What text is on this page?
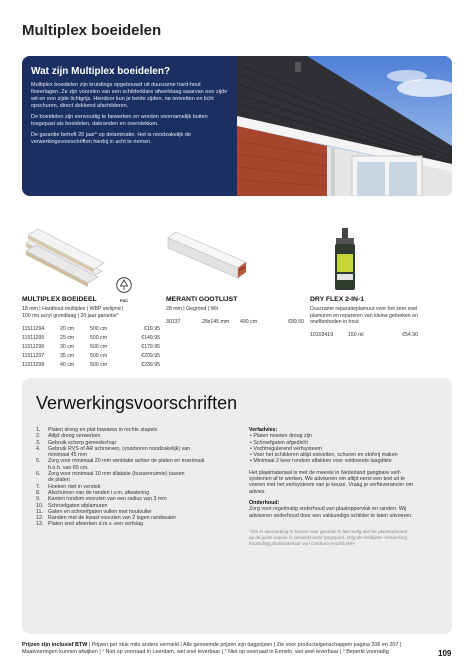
Multiplex boeidelen
Wat zijn Multiplex boeidelen?
Multiplex boeidelen zijn kruislings opgebouwd uit duurzame hard-hout fineerlagen. Ze zijn voorzien van een schilderklare afwerklaag waarvan een zijde wit en een zijde lichtgrijs. Hierdoor kun je beide zijden, na ontvetten en licht opschuren, direct dekkend afschilderen.
De boeidelen zijn eenvoudig te bewerken en worden voornamelijk buiten toegepast als boeidelen, dakranden en overstekken.
De garantie betreft 20 jaar* op delaminatie. Het is noodzakelijk de verwerkingsvoorschriften hierbij in acht te nemen.
FSC
MULTIPLEX BOEIDEEL
18 mm | Hardhout multiplex | WBP verlijmd |
100 mu acryl grondlaag | 20 jaar garantie*
11511294	20 cm	500 cm	€19.95
11511295	25 cm	500 cm	€149.95
11511296	30 cm	500 cm	€179.95
11511297	35 cm	500 cm	€209.95
11511298	40 cm	500 cm	€239.95
MERANTI GOOTLIJST
28 mm | Gegrond | Wit
30137	28x145 mm	490 cm	€89.50
DRY FLEX 2-IN-1
Duurzame reparatieplamuur voor het zeer snel
plamuren en repareren van kleine gebreken en
oneffenheden in hout
10103419	150 ml	€54.90
Verwerkingsvoorschriften
1.	Platen droog en plat bewaren in rechte stapels
2.	Altijd droog verwerken
3.	Gebruik scherp gereedschap
4.	Gebruik RVS of AR schroeven, (voorboren noodzakelijk) van
minimaal 45 mm
5.	Zorg voor minimaal 20 mm ventilatie achter de platen en maximaal
h.o.h. van 60 cm.
6.	Zorg voor minimaal 10 mm dilatatie (bussenruimte) tussen
de platen
7.	Hoeken niet in verstek
8.	Afschuinen van de randen i.v.m. afwatering
9.	Kanten rondom voorzien van een radius van 3 mm
10. Schroefgaten afplamuren
11. Gaten en schroefgaten vullen met houtvuller
12. Randen met de kwast voorzien van 2 lagen randsealer
13. Platen snel afwerken d.m.v. een verfslag
Verfadvies:
• Platen moeten droog zijn
• Schroefgaten afgedicht
• Vochtregulerend verfsysteem
• Voor het schilderen altijd ontvetten, schuren en stofvrij maken
• Minimaal 2 keer rondom aflakken voor voldoende laagdikte
Het plaatmateriaal is met de meeste in Nederland gangbare verf-
systemen af te werken. We adviseren om altijd eerst een test uit te
voeren met het verfsysteem van je keuze. Vraag je verfleverancier om
advies.
Onderhoud:
Zorg voor regelmatig onderhoud van plaatoppervlak en randen. Wij
adviseren onderhoud door een vakkundige schilder te laten uitvoeren.
*Om in aanmerking te komen voor garantie is het nodig dat het plaatmateriaal
op de juiste manier is verwerkt en/of toegepast. Volg de richtlijnen 'verwerking
houtachtig plaatmateriaal' van Centrum Hout/SVMH
Prijzen zijn inclusief BTW | Prijzen per stuk mits anders vermeld | Alle genoemde prijzen zijn dagprijzen | Zie voor producteigenschappen pagina 206 en 207 |
Maatvoeringen kunnen afwijken | ¹ Niet op voorraad in Leerdam, wel snel leverbaar | ² Niet op voorraad in Ermelo, wel snel leverbaar | ³ Beperkt voorradig	109
